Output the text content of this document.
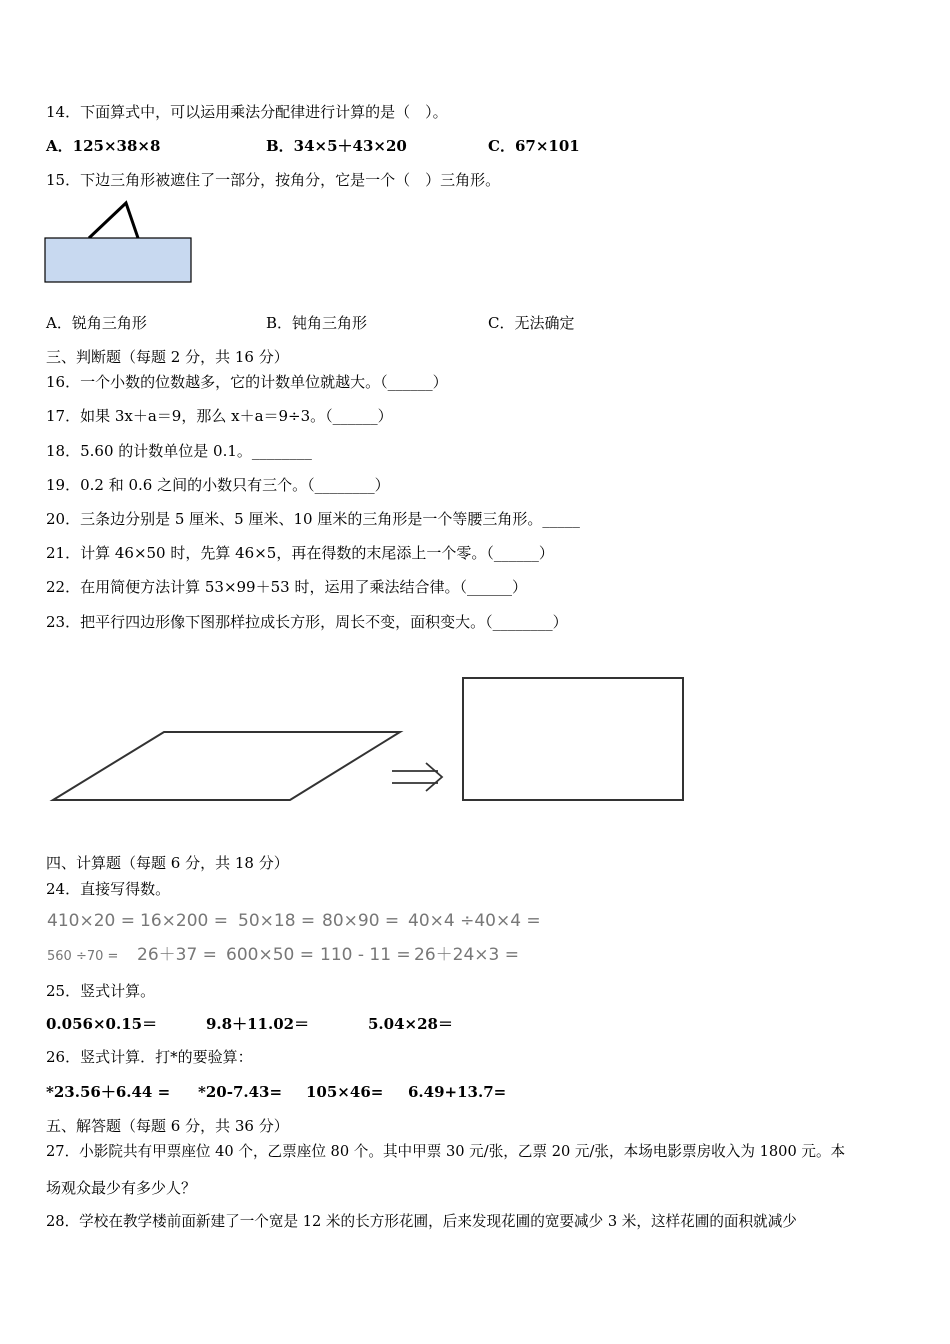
14．下面算式中，可以运用乘法分配律进行计算的是（　）。
A．125×38×8	B．34×5＋43×20	C．67×101
15．下边三角形被遮住了一部分，按角分，它是一个（　）三角形。
A．锐角三角形	B．钝角三角形	C．无法确定
三、判断题（每题 2 分，共 16 分）
16．一个小数的位数越多，它的计数单位就越大。（______）
17．如果 3x＋a＝9，那么 x＋a＝9÷3。（______）
18．5.60 的计数单位是 0.1。________
19．0.2 和 0.6 之间的小数只有三个。（________）
20．三条边分别是 5 厘米、5 厘米、10 厘米的三角形是一个等腰三角形。_____
21．计算 46×50 时，先算 46×5，再在得数的末尾添上一个零。（______）
22．在用简便方法计算 53×99＋53 时，运用了乘法结合律。（______）
23．把平行四边形像下图那样拉成长方形，周长不变，面积变大。（________）
四、计算题（每题 6 分，共 18 分）
24．直接写得数。
410×20 = 16×200 = 50×18 = 80×90 = 40×4 ÷40×4 =
560 ÷70 = 26＋37 = 600×50 = 110 - 11 = 26＋24×3 =
25．竖式计算。
0.056×0.15＝	9.8＋11.02＝	5.04×28＝
26．竖式计算．打*的要验算：
*23.56＋6.44 = *20-7.43= 105×46= 6.49+13.7=
五、解答题（每题 6 分，共 36 分）
27．小影院共有甲票座位 40 个，乙票座位 80 个。其中甲票 30 元/张，乙票 20 元/张，本场电影票房收入为 1800 元。本
场观众最少有多少人？
28．学校在教学楼前面新建了一个宽是 12 米的长方形花圃，后来发现花圃的宽要减少 3 米，这样花圃的面积就减少
